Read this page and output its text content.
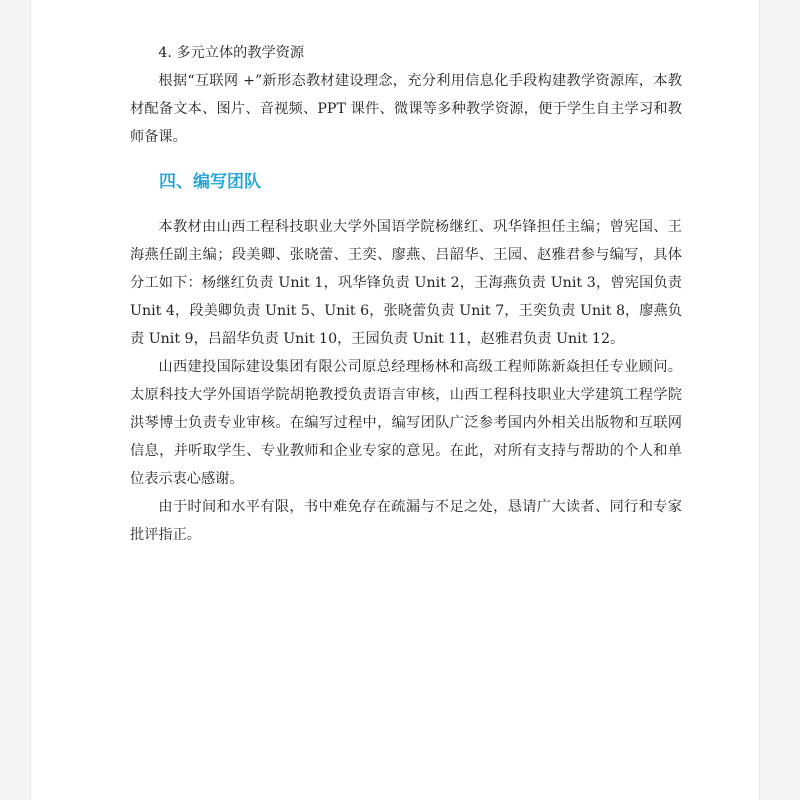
4. 多元立体的教学资源

根据“互联网 +”新形态教材建设理念，充分利用信息化手段构建教学资源库，本教材配备文本、图片、音视频、PPT 课件、微课等多种教学资源，便于学生自主学习和教师备课。

四、编写团队

本教材由山西工程科技职业大学外国语学院杨继红、巩华锋担任主编；曾宪国、王海燕任副主编；段美卿、张晓蕾、王奕、廖燕、吕韶华、王园、赵雅君参与编写，具体分工如下：杨继红负责 Unit 1，巩华锋负责 Unit 2，王海燕负责 Unit 3，曾宪国负责 Unit 4，段美卿负责 Unit 5、Unit 6，张晓蕾负责 Unit 7，王奕负责 Unit 8，廖燕负责 Unit 9，吕韶华负责 Unit 10，王园负责 Unit 11，赵雅君负责 Unit 12。

山西建投国际建设集团有限公司原总经理杨林和高级工程师陈新焱担任专业顾问。太原科技大学外国语学院胡艳教授负责语言审核，山西工程科技职业大学建筑工程学院洪琴博士负责专业审核。在编写过程中，编写团队广泛参考国内外相关出版物和互联网信息，并听取学生、专业教师和企业专家的意见。在此，对所有支持与帮助的个人和单位表示衷心感谢。

由于时间和水平有限，书中难免存在疏漏与不足之处，恳请广大读者、同行和专家批评指正。
